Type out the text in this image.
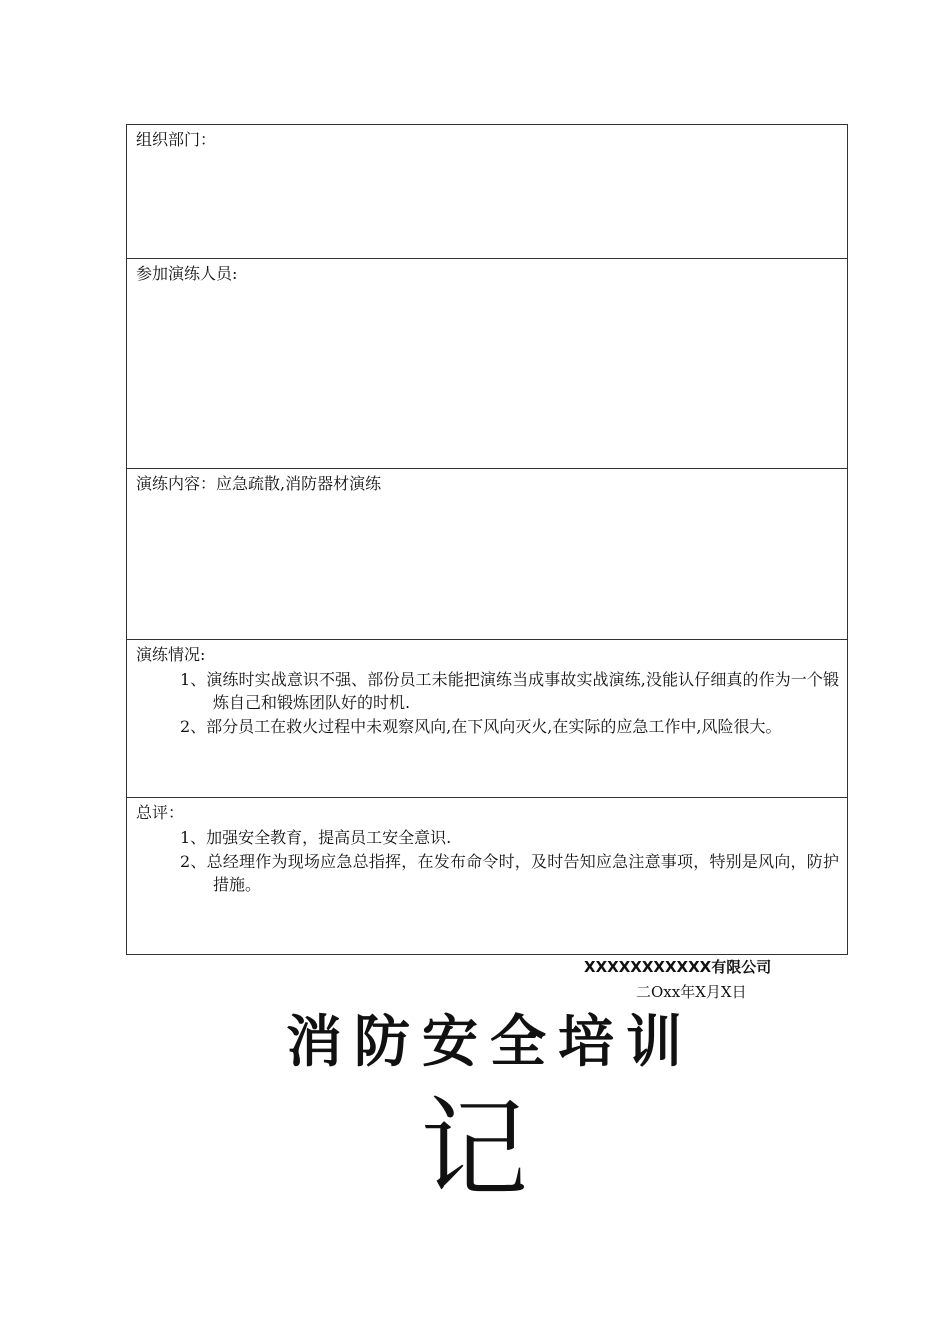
组织部门：
参加演练人员:
演练内容：应急疏散,消防器材演练
演练情况:
1、演练时实战意识不强、部份员工未能把演练当成事故实战演练,没能认仔细真的作为一个锻炼自己和锻炼团队好的时机.
2、部分员工在救火过程中未观察风向,在下风向灭火,在实际的应急工作中,风险很大。
总评：
1、加强安全教育，提高员工安全意识.
2、总经理作为现场应急总指挥，在发布命令时，及时告知应急注意事项，特别是风向，防护措施。
XXXXXXXXXXX有限公司
二Oxx年X月X日
消防安全培训
记
